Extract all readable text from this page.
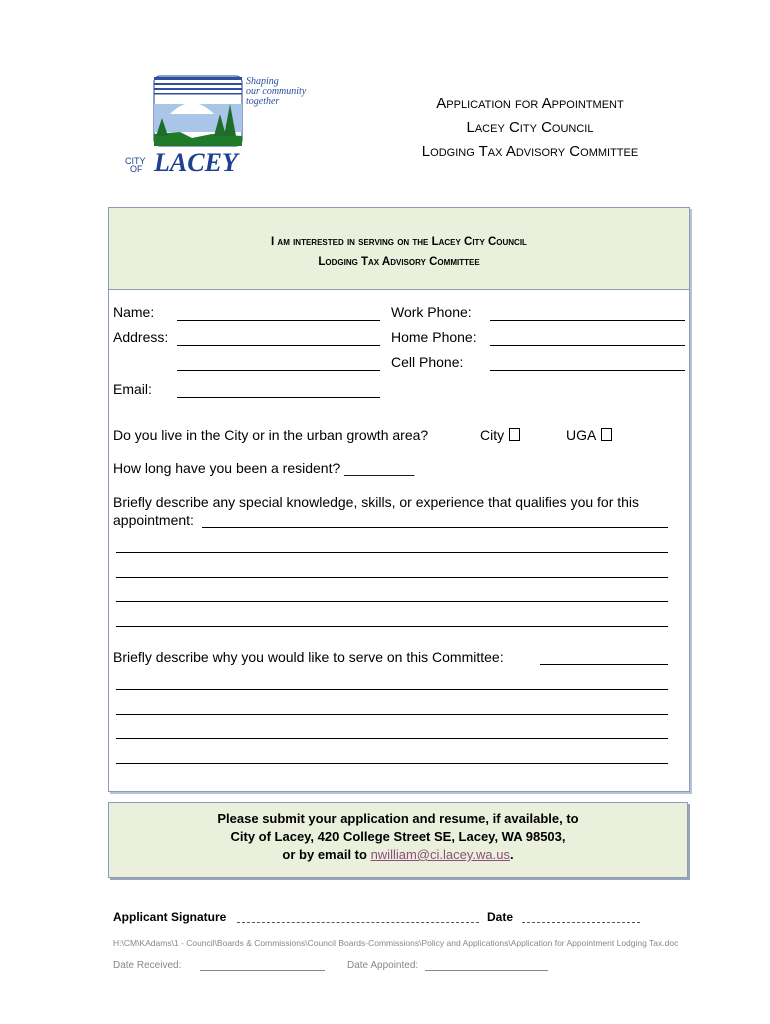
CITY
OF LACEY
Shaping
our community
together	Application for Appointment
Lacey City Council
Lodging Tax Advisory Committee
I am interested in serving on the Lacey City Council
Lodging Tax Advisory Committee
Name:	Work Phone:
Address:	Home Phone:
Cell Phone:
Email:
Do you live in the City or in the urban growth area?	City	UGA
How long have you been a resident? _________
Briefly describe any special knowledge, skills, or experience that qualifies you for this
appointment:
Briefly describe why you would like to serve on this Committee:
Please submit your application and resume, if available, to
City of Lacey, 420 College Street SE, Lacey, WA 98503,
or by email to nwilliam@ci.lacey.wa.us.
Applicant Signature	Date
H:\CM\KAdams\1 - Council\Boards & Commissions\Council Boards-Commissions\Policy and Applications\Application for Appointment Lodging Tax.doc
Date Received:	Date Appointed:
